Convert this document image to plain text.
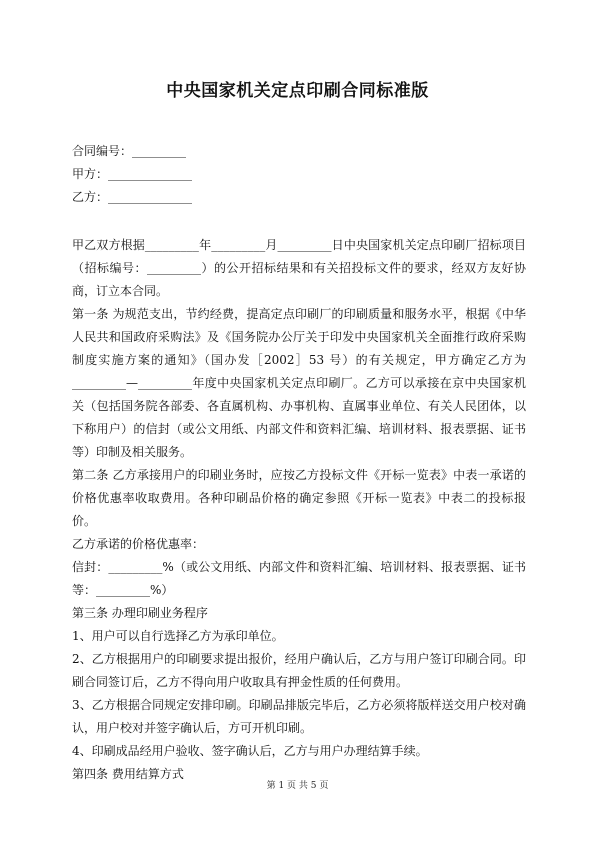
中央国家机关定点印刷合同标准版
合同编号：_________
甲方：______________
乙方：______________

甲乙双方根据_________年_________月_________日中央国家机关定点印刷厂招标项目（招标编号：_________）的公开招标结果和有关招投标文件的要求，经双方友好协商，订立本合同。

第一条 为规范支出，节约经费，提高定点印刷厂的印刷质量和服务水平，根据《中华人民共和国政府采购法》及《国务院办公厅关于印发中央国家机关全面推行政府采购制度实施方案的通知》（国办发［2002］53 号）的有关规定，甲方确定乙方为_________—_________年度中央国家机关定点印刷厂。乙方可以承接在京中央国家机关（包括国务院各部委、各直属机构、办事机构、直属事业单位、有关人民团体，以下称用户）的信封（或公文用纸、内部文件和资料汇编、培训材料、报表票据、证书等）印制及相关服务。

第二条 乙方承接用户的印刷业务时，应按乙方投标文件《开标一览表》中表一承诺的价格优惠率收取费用。各种印刷品价格的确定参照《开标一览表》中表二的投标报价。

乙方承诺的价格优惠率：

信封：_________%（或公文用纸、内部文件和资料汇编、培训材料、报表票据、证书等：_________%）

第三条 办理印刷业务程序

1、用户可以自行选择乙方为承印单位。

2、乙方根据用户的印刷要求提出报价，经用户确认后，乙方与用户签订印刷合同。印刷合同签订后，乙方不得向用户收取具有押金性质的任何费用。

3、乙方根据合同规定安排印刷。印刷品排版完毕后，乙方必须将版样送交用户校对确认，用户校对并签字确认后，方可开机印刷。

4、印刷成品经用户验收、签字确认后，乙方与用户办理结算手续。

第四条 费用结算方式

第 1 页 共 5 页
